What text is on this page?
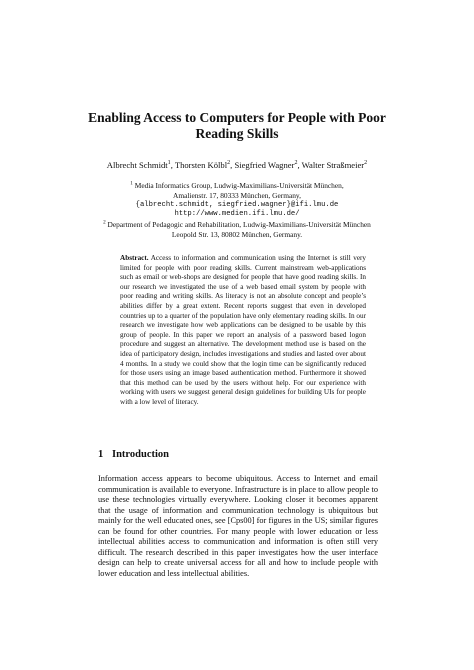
Enabling Access to Computers for People with Poor
Reading Skills
Albrecht Schmidt$^1$, Thorsten Kölbl$^2$, Siegfried Wagner$^2$, Walter Straßmeier$^2$
$^1$ Media Informatics Group, Ludwig-Maximilians-Universität München,
Amalienstr. 17, 80333 München, Germany,
{albrecht.schmidt, siegfried.wagner}@ifi.lmu.de
http://www.medien.ifi.lmu.de/
$^2$ Department of Pedagogic and Rehabilitation, Ludwig-Maximilians-Universität München
Leopold Str. 13, 80802 München, Germany.
Abstract. Access to information and communication using the Internet is still very limited for people with poor reading skills. Current mainstream web-applications such as email or web-shops are designed for people that have good reading skills. In our research we investigated the use of a web based email system by people with poor reading and writing skills. As literacy is not an absolute concept and people’s abilities differ by a great extent. Recent reports suggest that even in developed countries up to a quarter of the population have only elementary reading skills. In our research we investigate how web applications can be designed to be usable by this group of people. In this paper we report an analysis of a password based logon procedure and suggest an alternative. The development method use is based on the idea of participatory design, includes investigations and studies and lasted over about 4 months. In a study we could show that the login time can be significantly reduced for those users using an image based authentication method. Furthermore it showed that this method can be used by the users without help. For our experience with working with users we suggest general design guidelines for building UIs for people with a low level of literacy.
1 Introduction
Information access appears to become ubiquitous. Access to Internet and email communication is available to everyone. Infrastructure is in place to allow people to use these technologies virtually everywhere. Looking closer it becomes apparent that the usage of information and communication technology is ubiquitous but mainly for the well educated ones, see [Cps00] for figures in the US; similar figures can be found for other countries. For many people with lower education or less intellectual abilities access to communication and information is often still very difficult. The research described in this paper investigates how the user interface design can help to create universal access for all and how to include people with lower education and less intellectual abilities.
